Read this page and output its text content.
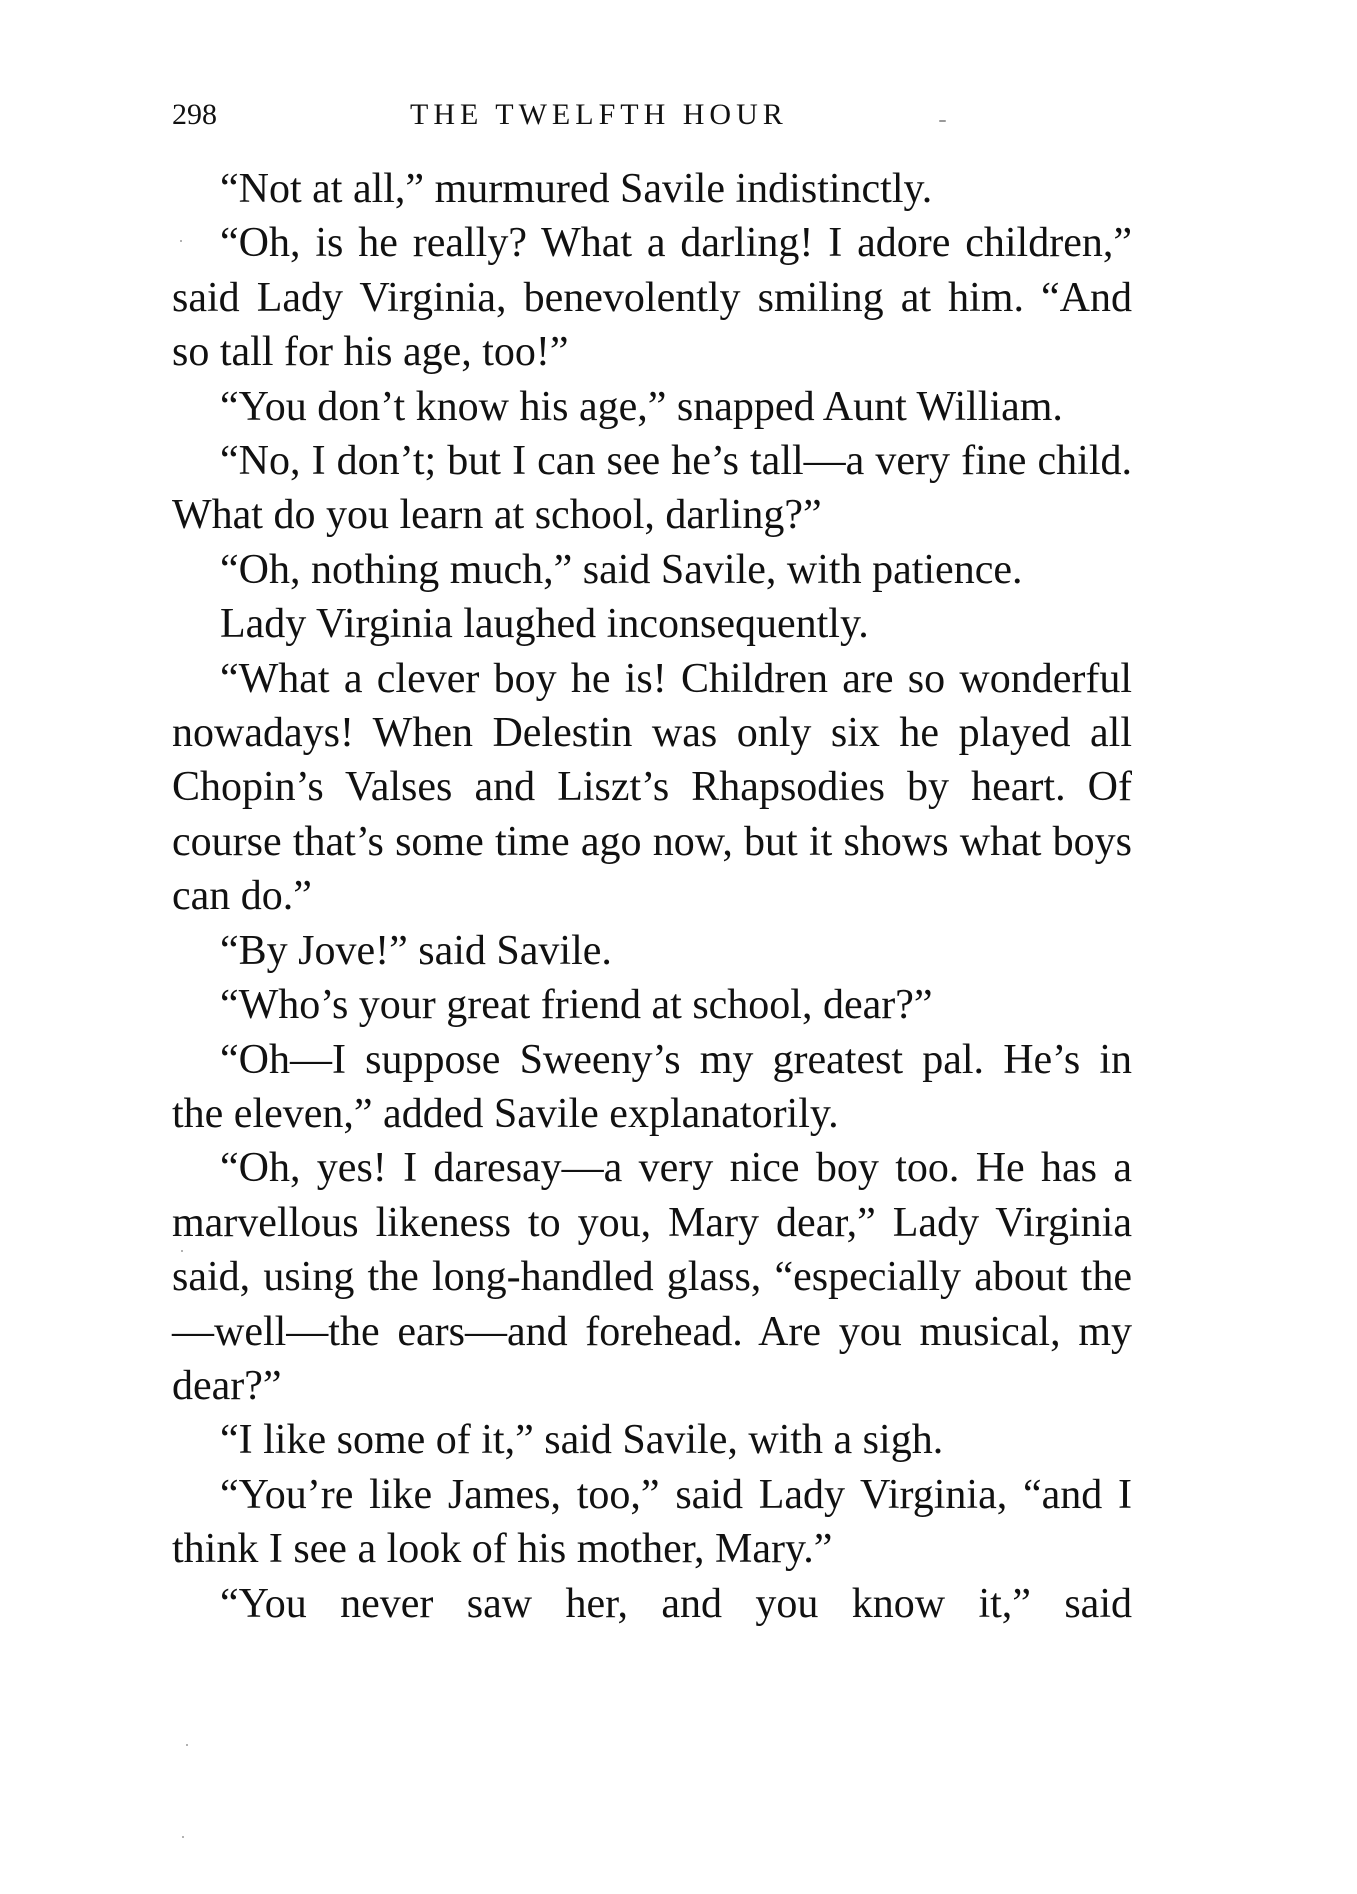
298	THE TWELFTH HOUR

“Not at all,” murmured Savile indistinctly.

“Oh, is he really? What a darling! I adore children,” said Lady Virginia, benevolently smiling at him. “And so tall for his age, too!”

“You don’t know his age,” snapped Aunt William.

“No, I don’t; but I can see he’s tall—a very fine child. What do you learn at school, darling?”

“Oh, nothing much,” said Savile, with patience.

Lady Virginia laughed inconsequently.

“What a clever boy he is! Children are so wonderful nowadays! When Delestin was only six he played all Chopin’s Valses and Liszt’s Rhapsodies by heart. Of course that’s some time ago now, but it shows what boys can do.”

“By Jove!” said Savile.

“Who’s your great friend at school, dear?”

“Oh—I suppose Sweeny’s my greatest pal. He’s in the eleven,” added Savile explanatorily.

“Oh, yes! I daresay—a very nice boy too. He has a marvellous likeness to you, Mary dear,” Lady Virginia said, using the long-handled glass, “especially about the—well—the ears—and forehead. Are you musical, my dear?”

“I like some of it,” said Savile, with a sigh.

“You’re like James, too,” said Lady Virginia, “and I think I see a look of his mother, Mary.”

“You never saw her, and you know it,” said
